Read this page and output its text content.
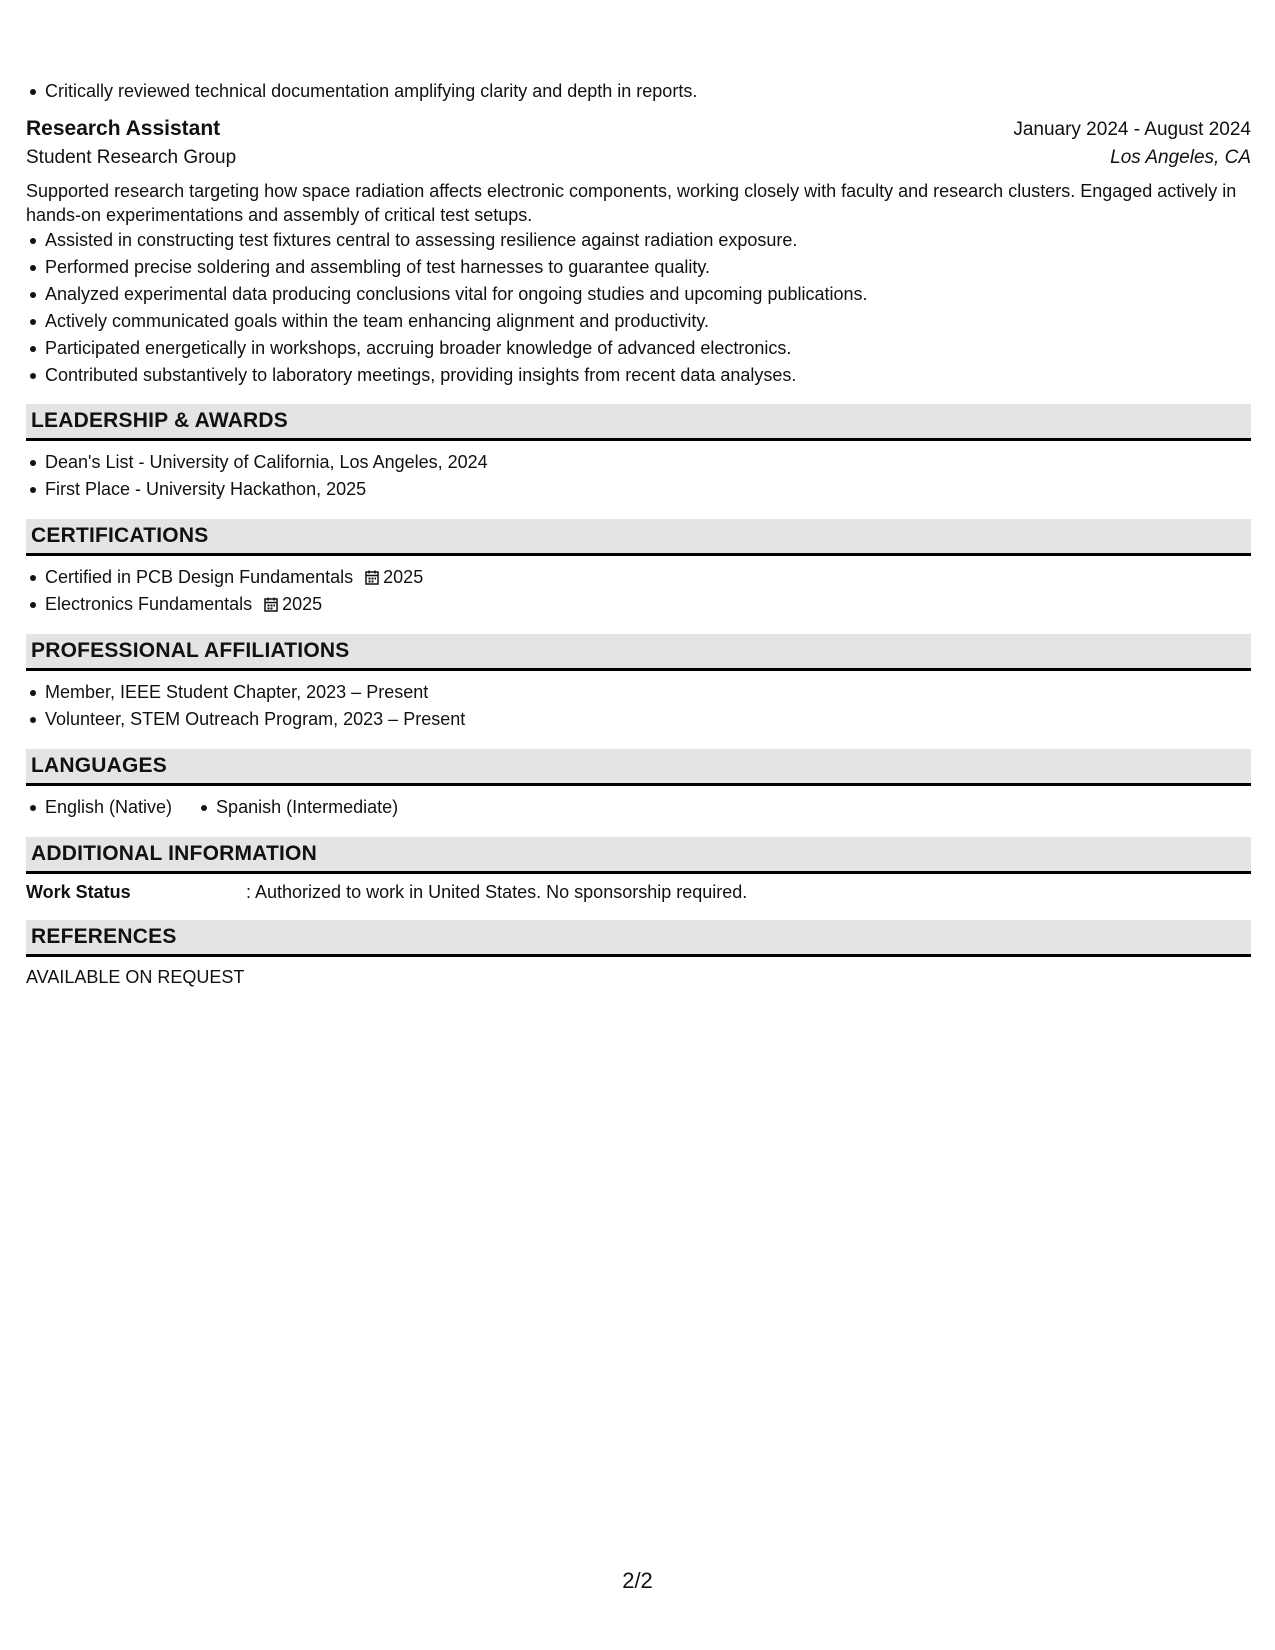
Critically reviewed technical documentation amplifying clarity and depth in reports.
Research Assistant	January 2024 - August 2024
Student Research Group	Los Angeles, CA
Supported research targeting how space radiation affects electronic components, working closely with faculty and research clusters. Engaged actively in hands-on experimentations and assembly of critical test setups.
Assisted in constructing test fixtures central to assessing resilience against radiation exposure.
Performed precise soldering and assembling of test harnesses to guarantee quality.
Analyzed experimental data producing conclusions vital for ongoing studies and upcoming publications.
Actively communicated goals within the team enhancing alignment and productivity.
Participated energetically in workshops, accruing broader knowledge of advanced electronics.
Contributed substantively to laboratory meetings, providing insights from recent data analyses.
LEADERSHIP & AWARDS
Dean's List - University of California, Los Angeles, 2024
First Place - University Hackathon, 2025
CERTIFICATIONS
Certified in PCB Design Fundamentals 2025
Electronics Fundamentals 2025
PROFESSIONAL AFFILIATIONS
Member, IEEE Student Chapter, 2023 – Present
Volunteer, STEM Outreach Program, 2023 – Present
LANGUAGES
English (Native) Spanish (Intermediate)
ADDITIONAL INFORMATION
Work Status	: Authorized to work in United States. No sponsorship required.
REFERENCES
AVAILABLE ON REQUEST
2/2
